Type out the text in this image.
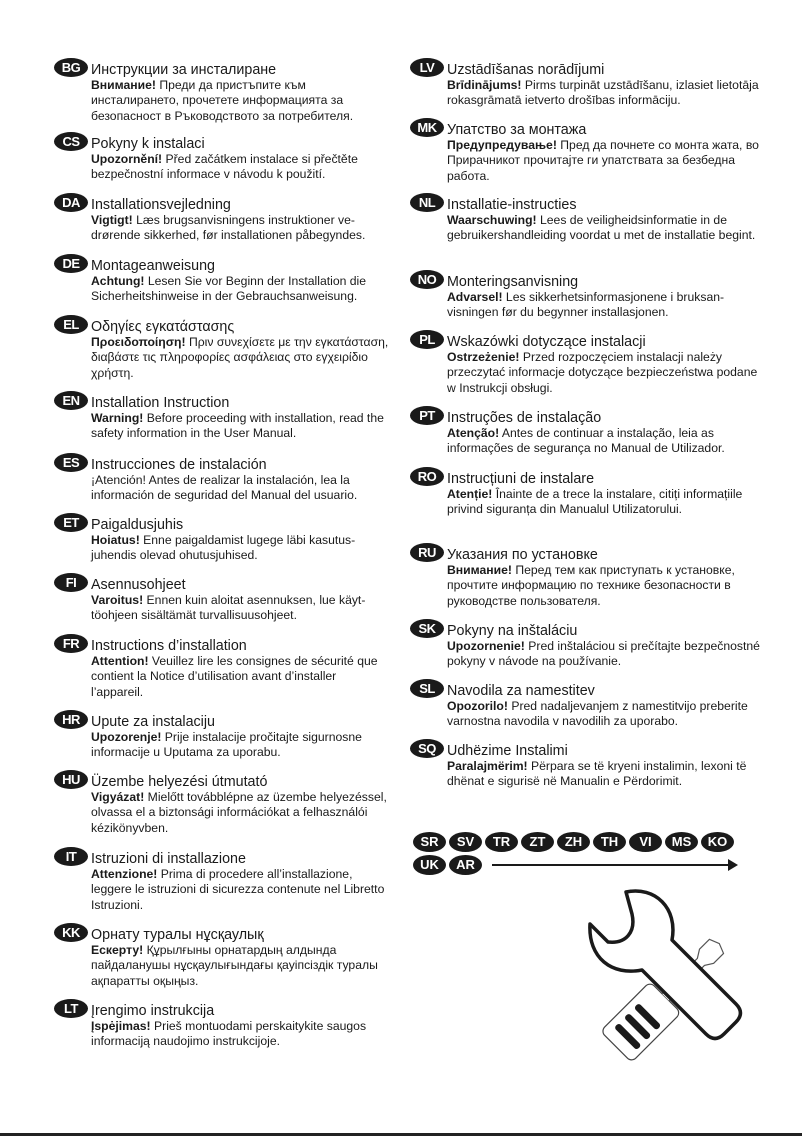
BG Инструкции за инсталиране
Внимание! Преди да пристъпите към инсталирането, прочетете информацията за безопасност в Ръководството за потребителя.
CS Pokyny k instalaci
Upozornění! Před začátkem instalace si přečtěte bezpečnostní informace v návodu k použití.
DA Installationsvejledning
Vigtigt! Læs brugsanvisningens instruktioner vedrørende sikkerhed, før installationen påbegyndes.
DE Montageanweisung
Achtung! Lesen Sie vor Beginn der Installation die Sicherheitshinweise in der Gebrauchsanweisung.
EL Οδηγίες εγκατάστασης
Προειδοποίηση! Πριν συνεχίσετε με την εγκατάσταση, διαβάστε τις πληροφορίες ασφάλειας στο εγχειρίδιο χρήστη.
EN Installation Instruction
Warning! Before proceeding with installation, read the safety information in the User Manual.
ES Instrucciones de instalación
¡Atención! Antes de realizar la instalación, lea la información de seguridad del Manual del usuario.
ET Paigaldusjuhis
Hoiatus! Enne paigaldamist lugege läbi kasutusjuhendis olevad ohutusjuhised.
FI	Asennusohjeet
Varoitus! Ennen kuin aloitat asennuksen, lue käyttöohjeen sisältämät turvallisuusohjeet.
FR Instructions d’installation
Attention! Veuillez lire les consignes de sécurité que contient la Notice d’utilisation avant d’installer l’appareil.
HR Upute za instalaciju
Upozorenje! Prije instalacije pročitajte sigurnosne informacije u Uputama za uporabu.
HU Üzembe helyezési útmutató
Vigyázat! Mielőtt továbblépne az üzembe helyezéssel, olvassa el a biztonsági információkat a felhasználói kézikönyvben.
IT	Istruzioni di installazione
Attenzione! Prima di procedere all’installazione, leggere le istruzioni di sicurezza contenute nel Libretto Istruzioni.
KK Орнату туралы нұсқаулық
Ескерту! Құрылғыны орнатардың алдында пайдаланушы нұсқаулығындағы қауіпсіздік туралы ақпаратты оқыңыз.
LT Įrengimo instrukcija
Įspėjimas! Prieš montuodami perskaitykite saugos informaciją naudojimo instrukcijoje.
LV Uzstādīšanas norādījumi
Brīdinājums! Pirms turpināt uzstādīšanu, izlasiet lietotāja rokasgrāmatā ietverto drošības informāciju.
MK Упатство за монтажа
Предупредување! Пред да почнете со монта жата, во Прирачникот прочитајте ги упатствата за безбедна работа.
NL Installatie-instructies
Waarschuwing! Lees de veiligheidsinformatie in de gebruikershandleiding voordat u met de installatie begint.
NO Monteringsanvisning
Advarsel! Les sikkerhetsinformasjonene i bruksanvisningen før du begynner installasjonen.
PL Wskazówki dotyczące instalacji
Ostrzeżenie! Przed rozpoczęciem instalacji należy przeczytać informacje dotyczące bezpieczeństwa podane w Instrukcji obsługi.
PT Instruções de instalação
Atenção! Antes de continuar a instalação, leia as informações de segurança no Manual de Utilizador.
RO Instrucțiuni de instalare
Atenție! Înainte de a trece la instalare, citiți informațiile privind siguranța din Manualul Utilizatorului.
RU Указания по установке
Внимание! Перед тем как приступать к установке, прочтите информацию по технике безопасности в руководстве пользователя.
SK Pokyny na inštaláciu
Upozornenie! Pred inštaláciou si prečítajte bezpečnostné pokyny v návode na používanie.
SL Navodila za namestitev
Opozorilo! Pred nadaljevanjem z namestitvijo preberite varnostna navodila v navodilih za uporabo.
SQ Udhëzime Instalimi
Paralajmërim! Përpara se të kryeni instalimin, lexoni të dhënat e sigurisë në Manualin e Përdorimit.
SR	SV	TR	ZT	ZH	TH	VI	MS	KO
UK	AR
